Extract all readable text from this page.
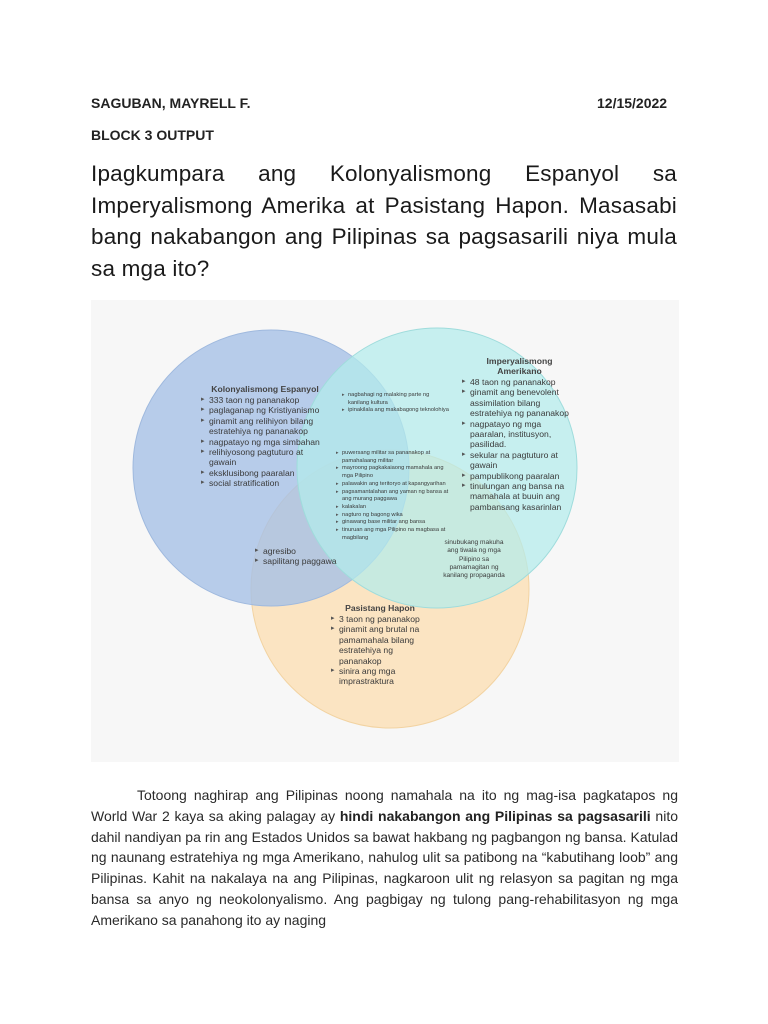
SAGUBAN, MAYRELL F.	12/15/2022
BLOCK 3 OUTPUT
Ipagkumpara ang Kolonyalismong Espanyol sa Imperyalismong Amerika at Pasistang Hapon. Masasabi bang nakabangon ang Pilipinas sa pagsasarili niya mula sa mga ito?
Kolonyalismong Espanyol
▸ 333 taon ng pananakop
▸ paglaganap ng Kristiyanismo
▸ ginamit ang relihiyon bilang estratehiya ng pananakop
▸ nagpatayo ng mga simbahan
▸ relihiyosong pagtuturo at gawain
▸ eksklusibong paaralan
▸ social stratification
Imperyalismong Amerikano
▸ 48 taon ng pananakop
▸ ginamit ang benevolent assimilation bilang estratehiya ng pananakop
▸ nagpatayo ng mga paaralan, institusyon, pasilidad.
▸ sekular na pagtuturo at gawain
▸ pampublikong paaralan
▸ tinulungan ang bansa na mamahala at buuin ang pambansang kasarinlan
Pasistang Hapon
▸ 3 taon ng pananakop
▸ ginamit ang brutal na pamamahala bilang estratehiya ng pananakop
▸ sinira ang mga imprastraktura
▸ nagbahagi ng malaking parte ng kanilang kultura
▸ ipinakilala ang makabagong teknolohiya
▸ agresibo
▸ sapilitang paggawa
sinubukang makuha ang tiwala ng mga Pilipino sa pamamagitan ng kanilang propaganda
▸ puwersang militar sa pananakop at pamahalaang militar
▸ mayroong pagkakaiaong mamahala ang mga Pilipino
▸ palawakin ang teritoryo at kapangyarihan
▸ pagsamantalahan ang yaman ng bansa at ang murang paggawa
▸ kalakalan
▸ nagturo ng bagong wika
▸ ginawang base militar ang bansa
▸ tinuruan ang mga Pilipino na magbasa at magbilang

Totoong naghirap ang Pilipinas noong namahala na ito ng mag-isa pagkatapos ng World War 2 kaya sa aking palagay ay hindi nakabangon ang Pilipinas sa pagsasarili nito dahil nandiyan pa rin ang Estados Unidos sa bawat hakbang ng pagbangon ng bansa. Katulad ng naunang estratehiya ng mga Amerikano, nahulog ulit sa patibong na “kabutihang loob” ang Pilipinas. Kahit na nakalaya na ang Pilipinas, nagkaroon ulit ng relasyon sa pagitan ng mga bansa sa anyo ng neokolonyalismo. Ang pagbigay ng tulong pang-rehabilitasyon ng mga Amerikano sa panahong ito ay naging
